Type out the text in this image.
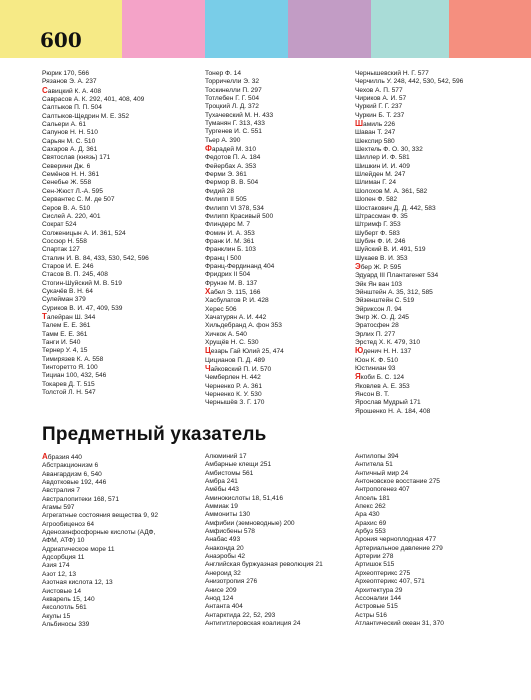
600
Рюрик 170, 566
Рязанов Э. А. 237
Савицкий К. А. 408
Саврасов А. К. 292, 401, 408, 409
Салтыков П. П. 504
Салтыков-Щедрин М. Е. 352
Сальери А. 61
Сапунов Н. Н. 510
Сарьян М. С. 510
Сахаров А. Д. 361
Святослав (князь) 171
Северини Дж. 6
Семёнов Н. Н. 361
Сенебье Ж. 558
Сен-Жюст Л.-А. 595
Сервантес С. М. де 507
Серов В. А. 510
Сислей А. 220, 401
Сократ 524
Солженицын А. И. 361, 524
Соссюр Н. 558
Спартак 127
Сталин И. В. 84, 433, 530, 542, 596
Старов И. Е. 246
Стасов В. П. 245, 408
Стогин-Шуйский М. В. 519
Сукачёв В. Н. 64
Сулейман 379
Суриков В. И. 47, 409, 539
Талейран Ш. 344
Талем Е. Е. 361
Тамм Е. Е. 361
Танги И. 540
Тернер У. 4, 15
Тимирязев К. А. 558
Тинторетто Я. 100
Тициан 100, 432, 546
Токарев Д. Т. 515
Толстой Л. Н. 547
Тонер Ф. 14
Торричелли Э. 32
Тоскинелли П. 297
Тотлебен Г. Г. 504
Троцкий Л. Д. 372
Тухачевский М. Н. 433
Туманян Г. 313, 433
Тургенев И. С. 551
Тьер А. 390
Фарадей М. 310
Федотов П. А. 184
Фейербах А. 353
Ферми Э. 361
Фермор В. В. 504
Фидий 28
Филипп II 505
Филипп VI 378, 534
Филипп Красивый 500
Флиндерс М. 7
Фомин И. А. 353
Франк И. М. 361
Франклин Б. 103
Франц I 500
Франц-Фердинанд 404
Фридрих II 504
Фрунзе М. В. 137
Хабел Э. 115, 166
Хасбулатов Р. И. 428
Херес 506
Хачатурян А. И. 442
Хильдебранд А. фон 353
Хичкок А. 540
Хрущёв Н. С. 530
Цезарь Гай Юлий 25, 474
Цицианов П. Д. 489
Чайковский П. И. 570
Чемберлен Н. 442
Черненко Р. А. 361
Черненко К. У. 530
Чернышёв З. Г. 170
Чернышевский Н. Г. 577
Черчилль У. 248, 442, 530, 542, 596
Чехов А. П. 577
Чириков А. И. 57
Чуркий Г. Г. 237
Чуркин Б. Т. 237
Шамиль 226
Шаван Т. 247
Шекспир 580
Шехтель Ф. О. 30, 332
Шиллер И. Ф. 581
Шишкин И. И. 409
Шлейден М. 247
Шлиман Г. 24
Шолохов М. А. 361, 582
Шопен Ф. 582
Шостакович Д. Д. 442, 583
Штрассман Ф. 35
Штримф Г. 353
Шуберт Ф. 583
Шубин Ф. И. 246
Шуйский В. И. 491, 519
Шукаев В. И. 353
Эбер Ж. Р. 595
Эдуард III Плантагенет 534
Эйк Ян ван 103
Эйнштейн А. 35, 312, 585
Эйзенштейн С. 519
Эйриксон Л. 94
Энгр Ж. О. Д. 245
Эратосфен 28
Эрлих П. 277
Эрстед Х. К. 479, 310
Юденич Н. Н. 137
Юон К. Ф. 510
Юстиниан 93
Якоби Б. С. 124
Яковлев А. Е. 353
Янсон В. Т.
Ярослав Мудрый 171
Ярошенко Н. А. 184, 408
Предметный указатель
Абразия 440
Абстракционизм 6
Авангардизм 6, 540
Авдотковые 192, 446
Австралия 7
Австралопитеки 168, 571
Агамы 597
Агрегатные состояния вещества 9, 92
Агрообиценоз 64
Аденозинфосфорные кислоты (АДФ,
АФМ, АТФ) 10
Адриатическое море 11
Адсорбция 11
Азия 174
Азот 12, 13
Азотная кислота 12, 13
Аистовые 14
Акварель 15, 140
Аксолотль 561
Акулы 15
Альбиносы 339
Алюминий 17
Амбарные клещи 251
Амбистомы 561
Амбра 241
Амёбы 443
Аминокислоты 18, 51,416
Аммиак 19
Аммониты 130
Амфибии (земноводные) 200
Амфисбены 578
Анабас 493
Анаконда 20
Анаэробы 42
Английская буржуазная революция 21
Анероид 32
Анизотропия 276
Анисе 209
Анод 124
Антанта 404
Антарктида 22, 52, 293
Антигитлеровская коалиция 24
Антилопы 394
Антитела 51
Античный мир 24
Антоновское восстание 275
Антропогенез 407
Апсель 181
Апекс 262
Ара 430
Арахис 69
Арбуз 553
Арония черноплодная 477
Артериальное давление 279
Артерии 278
Артишок 515
Археоптерикс 275
Археоптерикс 407, 571
Архитектура 29
Ассоналии 144
Астровые 515
Астры 516
Атлантический океан 31, 370
